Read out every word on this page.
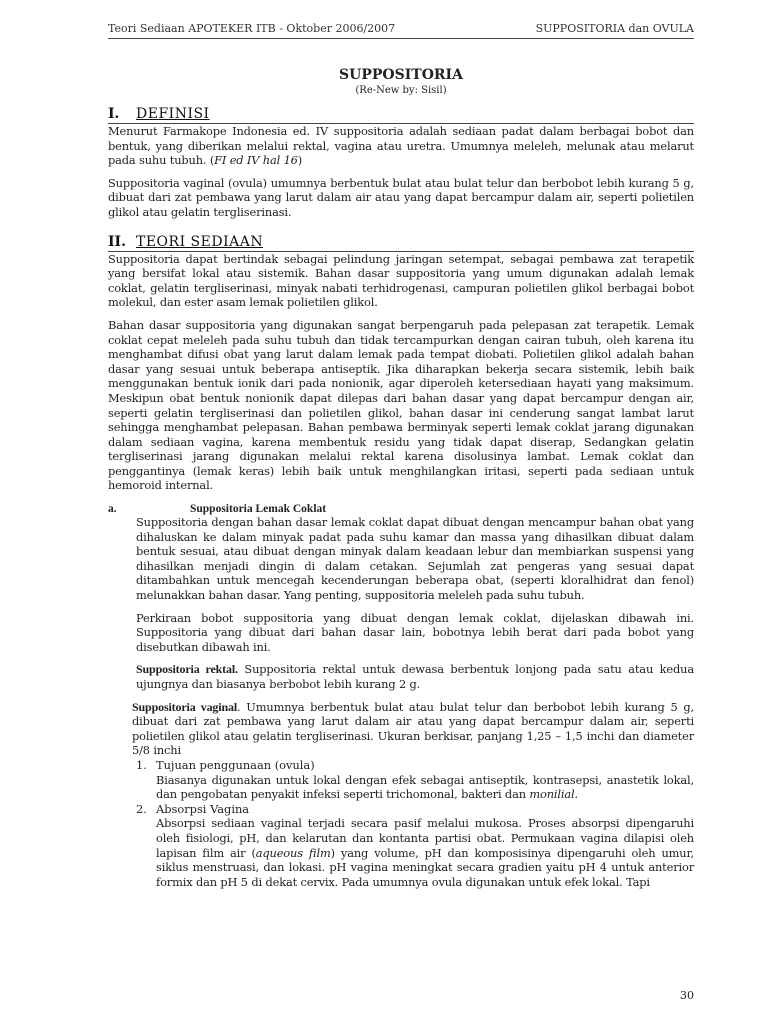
Teori Sediaan APOTEKER ITB - Oktober 2006/2007	SUPPOSITORIA dan OVULA
SUPPOSITORIA
(Re-New by: Sisil)
I.	DEFINISI

Menurut Farmakope Indonesia ed. IV suppositoria adalah sediaan padat dalam berbagai bobot dan bentuk, yang diberikan melalui rektal, vagina atau uretra. Umumnya meleleh, melunak atau melarut pada suhu tubuh. (FI ed IV hal 16)

Suppositoria vaginal (ovula) umumnya berbentuk bulat atau bulat telur dan berbobot lebih kurang 5 g, dibuat dari zat pembawa yang larut dalam air atau yang dapat bercampur dalam air, seperti polietilen glikol atau gelatin tergliserinasi.

II. TEORI SEDIAAN

Suppositoria dapat bertindak sebagai pelindung jaringan setempat, sebagai pembawa zat terapetik yang bersifat lokal atau sistemik. Bahan dasar suppositoria yang umum digunakan adalah lemak coklat, gelatin tergliserinasi, minyak nabati terhidrogenasi, campuran polietilen glikol berbagai bobot molekul, dan ester asam lemak polietilen glikol.

Bahan dasar suppositoria yang digunakan sangat berpengaruh pada pelepasan zat terapetik. Lemak coklat cepat meleleh pada suhu tubuh dan tidak tercampurkan dengan cairan tubuh, oleh karena itu menghambat difusi obat yang larut dalam lemak pada tempat diobati. Polietilen glikol adalah bahan dasar yang sesuai untuk beberapa antiseptik. Jika diharapkan bekerja secara sistemik, lebih baik menggunakan bentuk ionik dari pada nonionik, agar diperoleh ketersediaan hayati yang maksimum. Meskipun obat bentuk nonionik dapat dilepas dari bahan dasar yang dapat bercampur dengan air, seperti gelatin tergliserinasi dan polietilen glikol, bahan dasar ini cenderung sangat lambat larut sehingga menghambat pelepasan. Bahan pembawa berminyak seperti lemak coklat jarang digunakan dalam sediaan vagina, karena membentuk residu yang tidak dapat diserap, Sedangkan gelatin tergliserinasi jarang digunakan melalui rektal karena disolusinya lambat. Lemak coklat dan penggantinya (lemak keras) lebih baik untuk menghilangkan iritasi, seperti pada sediaan untuk hemoroid internal.

a.	Suppositoria Lemak Coklat

Suppositoria dengan bahan dasar lemak coklat dapat dibuat dengan mencampur bahan obat yang dihaluskan ke dalam minyak padat pada suhu kamar dan massa yang dihasilkan dibuat dalam bentuk sesuai, atau dibuat dengan minyak dalam keadaan lebur dan membiarkan suspensi yang dihasilkan menjadi dingin di dalam cetakan. Sejumlah zat pengeras yang sesuai dapat ditambahkan untuk mencegah kecenderungan beberapa obat, (seperti kloralhidrat dan fenol) melunakkan bahan dasar. Yang penting, suppositoria meleleh pada suhu tubuh.

Perkiraan bobot suppositoria yang dibuat dengan lemak coklat, dijelaskan dibawah ini. Suppositoria yang dibuat dari bahan dasar lain, bobotnya lebih berat dari pada bobot yang disebutkan dibawah ini.

Suppositoria rektal. Suppositoria rektal untuk dewasa berbentuk lonjong pada satu atau kedua ujungnya dan biasanya berbobot lebih kurang 2 g.

Suppositoria vaginal. Umumnya berbentuk bulat atau bulat telur dan berbobot lebih kurang 5 g, dibuat dari zat pembawa yang larut dalam air atau yang dapat bercampur dalam air, seperti polietilen glikol atau gelatin tergliserinasi. Ukuran berkisar, panjang 1,25 – 1,5 inchi dan diameter 5/8 inchi

1. Tujuan penggunaan (ovula)

Biasanya digunakan untuk lokal dengan efek sebagai antiseptik, kontrasepsi, anastetik lokal, dan pengobatan penyakit infeksi seperti trichomonal, bakteri dan monilial.

2. Absorpsi Vagina

Absorpsi sediaan vaginal terjadi secara pasif melalui mukosa. Proses absorpsi dipengaruhi oleh fisiologi, pH, dan kelarutan dan kontanta partisi obat. Permukaan vagina dilapisi oleh lapisan film air (aqueous film) yang volume, pH dan komposisinya dipengaruhi oleh umur, siklus menstruasi, dan lokasi. pH vagina meningkat secara gradien yaitu pH 4 untuk anterior formix dan pH 5 di dekat cervix. Pada umumnya ovula digunakan untuk efek lokal. Tapi

30
